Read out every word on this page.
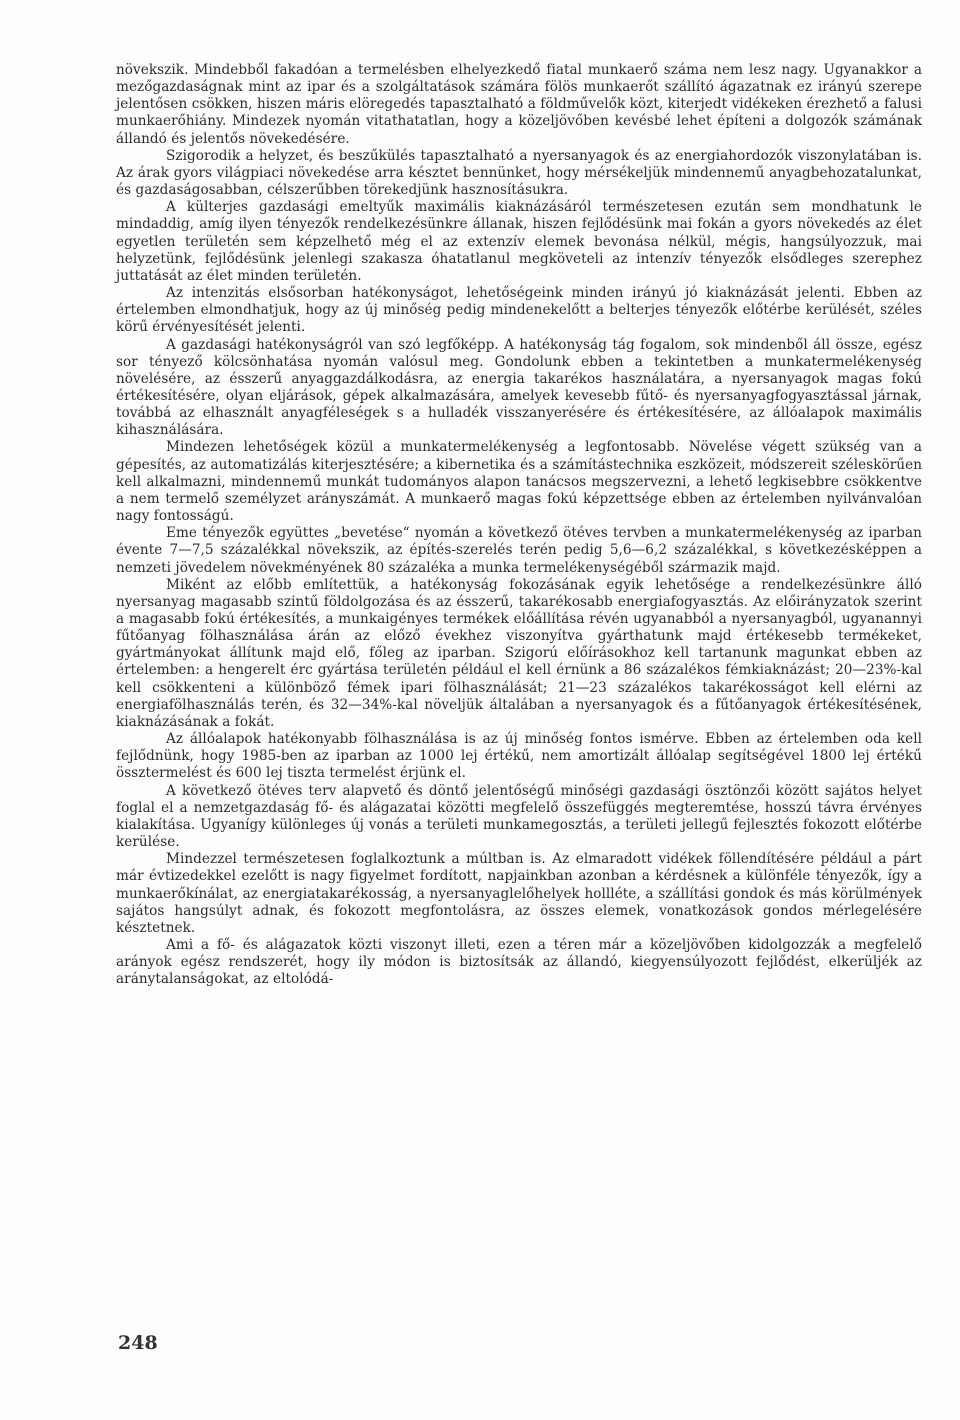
növekszik. Mindebből fakadóan a termelésben elhelyezkedő fiatal munkaerő száma nem lesz nagy. Ugyanakkor a mezőgazdaságnak mint az ipar és a szolgáltatások számára fölös munkaerőt szállító ágazatnak ez irányú szerepe jelentősen csökken, hiszen máris elöregedés tapasztalható a földművelők közt, kiterjedt vidékeken érezhető a falusi munkaerőhiány. Mindezek nyomán vitathatatlan, hogy a közeljövőben kevésbé lehet építeni a dolgozók számának állandó és jelentős növekedésére.

Szigorodik a helyzet, és beszűkülés tapasztalható a nyersanyagok és az energiahordozók viszonylatában is. Az árak gyors világpiaci növekedése arra késztet bennünket, hogy mérsékeljük mindennemű anyagbehozatalunkat, és gazdaságosabban, célszerűbben törekedjünk hasznosításukra.

A külterjes gazdasági emeltyűk maximális kiaknázásáról természetesen ezután sem mondhatunk le mindaddig, amíg ilyen tényezők rendelkezésünkre állanak, hiszen fejlődésünk mai fokán a gyors növekedés az élet egyetlen területén sem képzelhető még el az extenzív elemek bevonása nélkül, mégis, hangsúlyozzuk, mai helyzetünk, fejlődésünk jelenlegi szakasza óhatatlanul megköveteli az intenzív tényezők elsődleges szerephez juttatását az élet minden területén.

Az intenzitás elsősorban hatékonyságot, lehetőségeink minden irányú jó kiaknázását jelenti. Ebben az értelemben elmondhatjuk, hogy az új minőség pedig mindenekelőtt a belterjes tényezők előtérbe kerülését, széles körű érvényesítését jelenti.

A gazdasági hatékonyságról van szó legfőképp. A hatékonyság tág fogalom, sok mindenből áll össze, egész sor tényező kölcsönhatása nyomán valósul meg. Gondolunk ebben a tekintetben a munkatermelékenység növelésére, az ésszerű anyaggazdálkodásra, az energia takarékos használatára, a nyersanyagok magas fokú értékesítésére, olyan eljárások, gépek alkalmazására, amelyek kevesebb fűtő- és nyersanyagfogyasztással járnak, továbbá az elhasznált anyagféleségek s a hulladék visszanyerésére és értékesítésére, az állóalapok maximális kihasználására.

Mindezen lehetőségek közül a munkatermelékenység a legfontosabb. Növelése végett szükség van a gépesítés, az automatizálás kiterjesztésére; a kibernetika és a számítástechnika eszközeit, módszereit széleskörűen kell alkalmazni, mindennemű munkát tudományos alapon tanácsos megszervezni, a lehető legkisebbre csökkentve a nem termelő személyzet arányszámát. A munkaerő magas fokú képzettsége ebben az értelemben nyilvánvalóan nagy fontosságú.

Eme tényezők együttes „bevetése“ nyomán a következő ötéves tervben a munkatermelékenység az iparban évente 7—7,5 százalékkal növekszik, az építés-szerelés terén pedig 5,6—6,2 százalékkal, s következésképpen a nemzeti jövedelem növekményének 80 százaléka a munka termelékenységéből származik majd.

Miként az előbb említettük, a hatékonyság fokozásának egyik lehetősége a rendelkezésünkre álló nyersanyag magasabb szintű földolgozása és az ésszerű, takarékosabb energiafogyasztás. Az előirányzatok szerint a magasabb fokú értékesítés, a munkaigényes termékek előállítása révén ugyanabból a nyersanyagból, ugyanannyi fűtőanyag fölhasználása árán az előző évekhez viszonyítva gyárthatunk majd értékesebb termékeket, gyártmányokat állítunk majd elő, főleg az iparban. Szigorú előírásokhoz kell tartanunk magunkat ebben az értelemben: a hengerelt érc gyártása területén például el kell érnünk a 86 százalékos fémkiaknázást; 20—23%-kal kell csökkenteni a különböző fémek ipari fölhasználását; 21—23 százalékos takarékosságot kell elérni az energiafölhasználás terén, és 32—34%-kal növeljük általában a nyersanyagok és a fűtőanyagok értékesítésének, kiaknázásának a fokát.

Az állóalapok hatékonyabb fölhasználása is az új minőség fontos ismérve. Ebben az értelemben oda kell fejlődnünk, hogy 1985-ben az iparban az 1000 lej értékű, nem amortizált állóalap segítségével 1800 lej értékű össztermelést és 600 lej tiszta termelést érjünk el.

A következő ötéves terv alapvető és döntő jelentőségű minőségi gazdasági ösztönzői között sajátos helyet foglal el a nemzetgazdaság fő- és alágazatai közötti megfelelő összefüggés megteremtése, hosszú távra érvényes kialakítása. Ugyanígy különleges új vonás a területi munkamegosztás, a területi jellegű fejlesztés fokozott előtérbe kerülése.

Mindezzel természetesen foglalkoztunk a múltban is. Az elmaradott vidékek föllendítésére például a párt már évtizedekkel ezelőtt is nagy figyelmet fordított, napjainkban azonban a kérdésnek a különféle tényezők, így a munkaerőkínálat, az energiatakarékosság, a nyersanyaglelőhelyek hollléte, a szállítási gondok és más körülmények sajátos hangsúlyt adnak, és fokozott megfontolásra, az összes elemek, vonatkozások gondos mérlegelésére késztetnek.

Ami a fő- és alágazatok közti viszonyt illeti, ezen a téren már a közeljövőben kidolgozzák a megfelelő arányok egész rendszerét, hogy ily módon is biztosítsák az állandó, kiegyensúlyozott fejlődést, elkerüljék az aránytalanságokat, az eltolódá-

248
